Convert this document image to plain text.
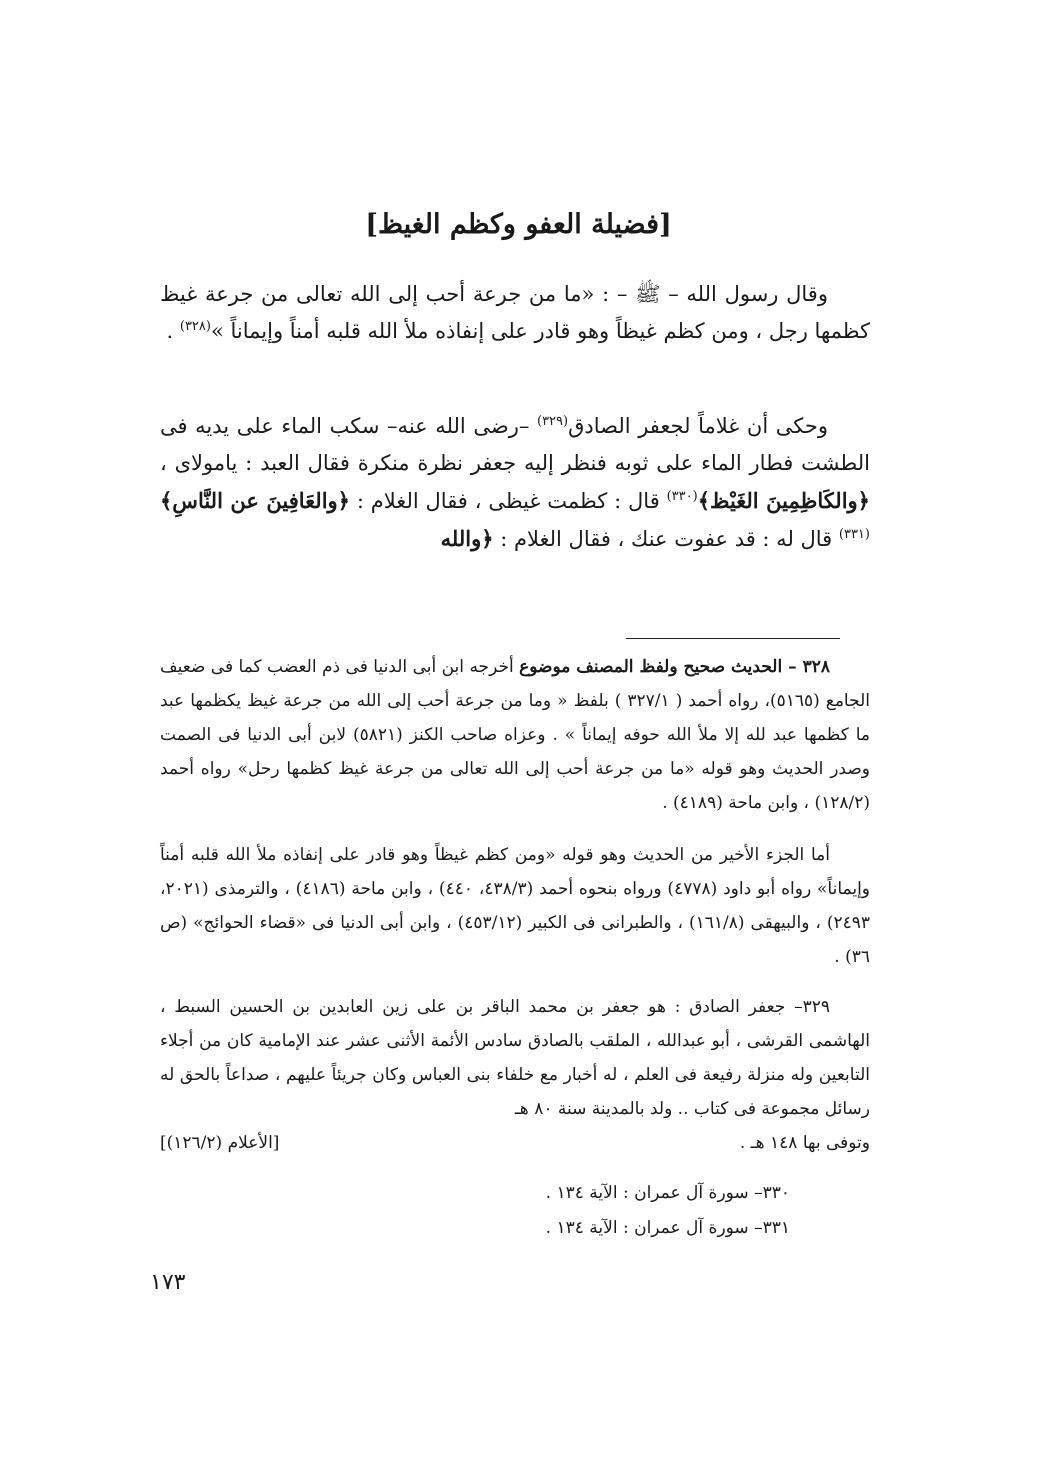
[فضيلة العفو وكظم الغيظ]

وقال رسول الله – ﷺ – : «ما من جرعة أحب إلى الله تعالى من جرعة غيظ كظمها رجل ، ومن كظم غيظاً وهو قادر على إنفاذه ملأ الله قلبه أمناً وإيماناً »$^{(٣٢٨)}$ .

وحكى أن غلاماً لجعفر الصادق$^{(٣٢٩)}$ –رضى الله عنه– سكب الماء على يديه فى الطشت فطار الماء على ثوبه فنظر إليه جعفر نظرة منكرة فقال العبد : يامولاى ، ﴿والكَاظِمِينَ الغَيْظ﴾$^{(٣٣٠)}$ قال : كظمت غيظى ، فقال الغلام : ﴿والعَافِينَ عن النَّاسِ﴾$^{(٣٣١)}$ قال له : قد عفوت عنك ، فقال الغلام : ﴿والله

٣٢٨ – الحديث صحيح ولفظ المصنف موضوع أخرجه ابن أبى الدنيا فى ذم العضب كما فى ضعيف الجامع (٥١٦٥)، رواه أحمد ( ٣٢٧/١ ) بلفظ « وما من جرعة أحب إلى الله من جرعة غيظ يكظمها عبد ما كظمها عبد لله إلا ملأ الله حوفه إيماناً » . وعزاه صاحب الكنز (٥٨٢١) لابن أبى الدنيا فى الصمت وصدر الحديث وهو قوله «ما من جرعة أحب إلى الله تعالى من جرعة غيظ كظمها رحل» رواه أحمد (١٢٨/٢) ، وابن ماحة (٤١٨٩) .

أما الجزء الأخير من الحديث وهو قوله «ومن كظم غيظاً وهو قادر على إنفاذه ملأ الله قلبه أمناً وإيماناً» رواه أبو داود (٤٧٧٨) ورواه بنحوه أحمد (٤٣٨/٣، ٤٤٠) ، وابن ماحة (٤١٨٦) ، والترمذى (٢٠٢١، ٢٤٩٣) ، والبيهقى (١٦١/٨) ، والطبرانى فى الكبير (٤٥٣/١٢) ، وابن أبى الدنيا فى «قضاء الحوائج» (ص ٣٦) .

٣٢٩– جعفر الصادق : هو جعفر بن محمد الباقر بن على زين العابدين بن الحسين السبط ، الهاشمى القرشى ، أبو عبدالله ، الملقب بالصادق سادس الأئمة الأثنى عشر عند الإمامية كان من أجلاء التابعين وله منزلة رفيعة فى العلم ، له أخبار مع خلفاء بنى العباس وكان جريئاً عليهم ، صداعاً بالحق له رسائل مجموعة فى كتاب .. ولد بالمدينة سنة ٨٠ هـ

وتوفى بها ١٤٨ هـ .
[الأعلام (١٢٦/٢)]
٣٣٠– سورة آل عمران : الآية ١٣٤ .
٣٣١– سورة آل عمران : الآية ١٣٤ .
١٧٣
